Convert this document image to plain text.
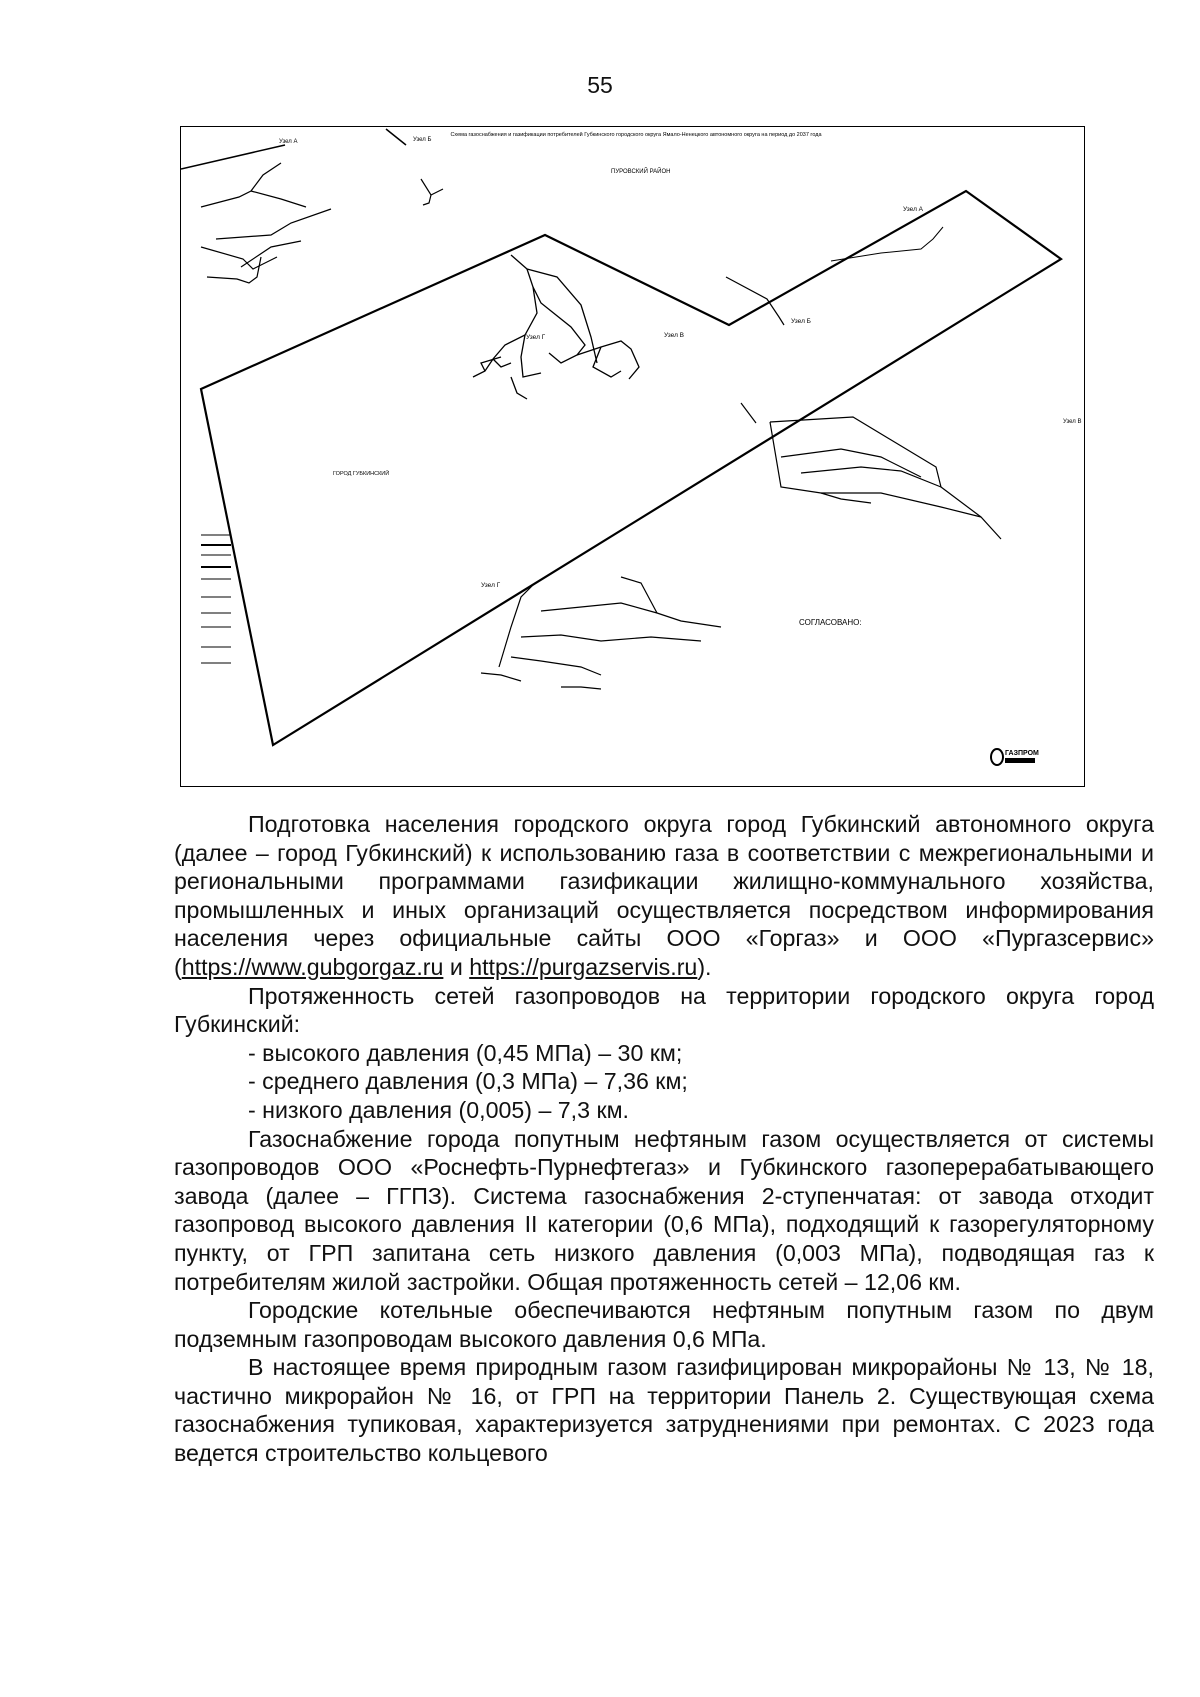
55
Схема газоснабжения и газификации потребителей Губкинского городского округа Ямало-Ненецкого автономного округа на период до 2037 года
Узел А	Узел Б
ПУРОВСКИЙ РАЙОН
Узел А
Узел Б
Узел Г	Узел В
Узел В
ГОРОД ГУБКИНСКИЙ
Узел Г
СОГЛАСОВАНО:
ГАЗПРОМ

Подготовка населения городского округа город Губкинский автономного округа (далее – город Губкинский) к использованию газа в соответствии с межрегиональными и региональными программами газификации жилищно-коммунального хозяйства, промышленных и иных организаций осуществляется посредством информирования населения через официальные сайты ООО «Горгаз» и ООО «Пургазсервис» (https://www.gubgorgaz.ru и https://purgazservis.ru).

Протяженность сетей газопроводов на территории городского округа город Губкинский:

- высокого давления (0,45 МПа) – 30 км;

- среднего давления (0,3 МПа) – 7,36 км;

- низкого давления (0,005) – 7,3 км.

Газоснабжение города попутным нефтяным газом осуществляется от системы газопроводов ООО «Роснефть-Пурнефтегаз» и Губкинского газоперерабатывающего завода (далее – ГГПЗ). Система газоснабжения 2-ступенчатая: от завода отходит газопровод высокого давления II категории (0,6 МПа), подходящий к газорегуляторному пункту, от ГРП запитана сеть низкого давления (0,003 МПа), подводящая газ к потребителям жилой застройки. Общая протяженность сетей – 12,06 км.

Городские котельные обеспечиваются нефтяным попутным газом по двум подземным газопроводам высокого давления 0,6 МПа.

В настоящее время природным газом газифицирован микрорайоны № 13, № 18, частично микрорайон № 16, от ГРП на территории Панель 2. Существующая схема газоснабжения тупиковая, характеризуется затруднениями при ремонтах. С 2023 года ведется строительство кольцевого
